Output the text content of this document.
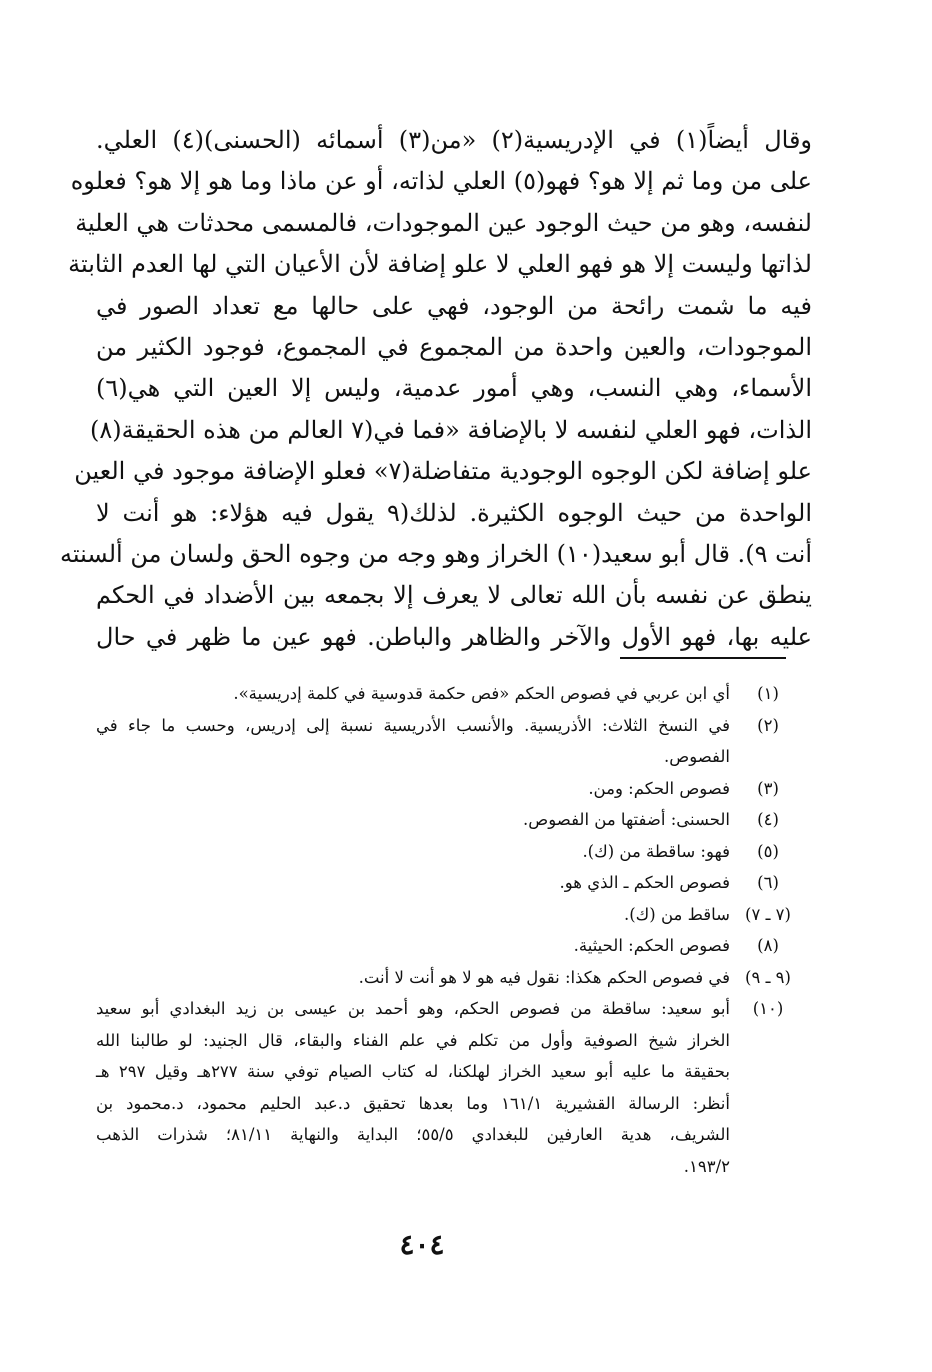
وقال أيضاً(١) في الإدريسية(٢) «من(٣) أسمائه (الحسنى)(٤) العلي.
على من وما ثم إلا هو؟ فهو(٥) العلي لذاته، أو عن ماذا وما هو إلا هو؟ فعلوه
لنفسه، وهو من حيث الوجود عين الموجودات، فالمسمى محدثات هي العلية
لذاتها وليست إلا هو فهو العلي لا علو إضافة لأن الأعيان التي لها العدم الثابتة
فيه ما شمت رائحة من الوجود، فهي على حالها مع تعداد الصور في
الموجودات، والعين واحدة من المجموع في المجموع، فوجود الكثير من
الأسماء، وهي النسب، وهي أمور عدمية، وليس إلا العين التي هي(٦)
الذات، فهو العلي لنفسه لا بالإضافة «فما في(٧ العالم من هذه الحقيقة(٨)
علو إضافة لكن الوجوه الوجودية متفاضلة(٧» فعلو الإضافة موجود في العين
الواحدة من حيث الوجوه الكثيرة. لذلك(٩ يقول فيه هؤلاء: هو أنت لا
أنت ٩). قال أبو سعيد(١٠) الخراز وهو وجه من وجوه الحق ولسان من ألسنته
ينطق عن نفسه بأن الله تعالى لا يعرف إلا بجمعه بين الأضداد في الحكم
عليه بها، فهو الأول والآخر والظاهر والباطن. فهو عين ما ظهر في حال
(١)
أي ابن عربي في فصوص الحكم «فص حكمة قدوسية في كلمة إدريسية».
(٢)
في النسخ الثلاث: الأذريسية. والأنسب الأدريسية نسبة إلى إدريس، وحسب ما جاء في
الفصوص.
(٣)
فصوص الحكم: ومن.
(٤)
الحسنى: أضفتها من الفصوص.
(٥)
فهو: ساقطة من (ك).
(٦)
فصوص الحكم ـ الذي هو.
(٧ ـ ٧)
ساقط من (ك).
(٨)
فصوص الحكم: الحيثية.
(٩ ـ ٩)
في فصوص الحكم هكذا: نقول فيه هو لا هو أنت لا أنت.
(١٠)
أبو سعيد: ساقطة من فصوص الحكم، وهو أحمد بن عيسى بن زيد البغدادي أبو سعيد
الخراز شيخ الصوفية وأول من تكلم في علم الفناء والبقاء، قال الجنيد: لو طالبنا الله
بحقيقة ما عليه أبو سعيد الخراز لهلكنا، له كتاب الصيام توفي سنة ٢٧٧هـ وقيل ٢٩٧ هـ
أنظر: الرسالة القشيرية ١٦١/١ وما بعدها تحقيق د.عبد الحليم محمود، د.محمود بن
الشريف، هدية العارفين للبغدادي ٥٥/٥؛ البداية والنهاية ٨١/١١؛ شذرات الذهب
١٩٣/٢.
٤٠٤
